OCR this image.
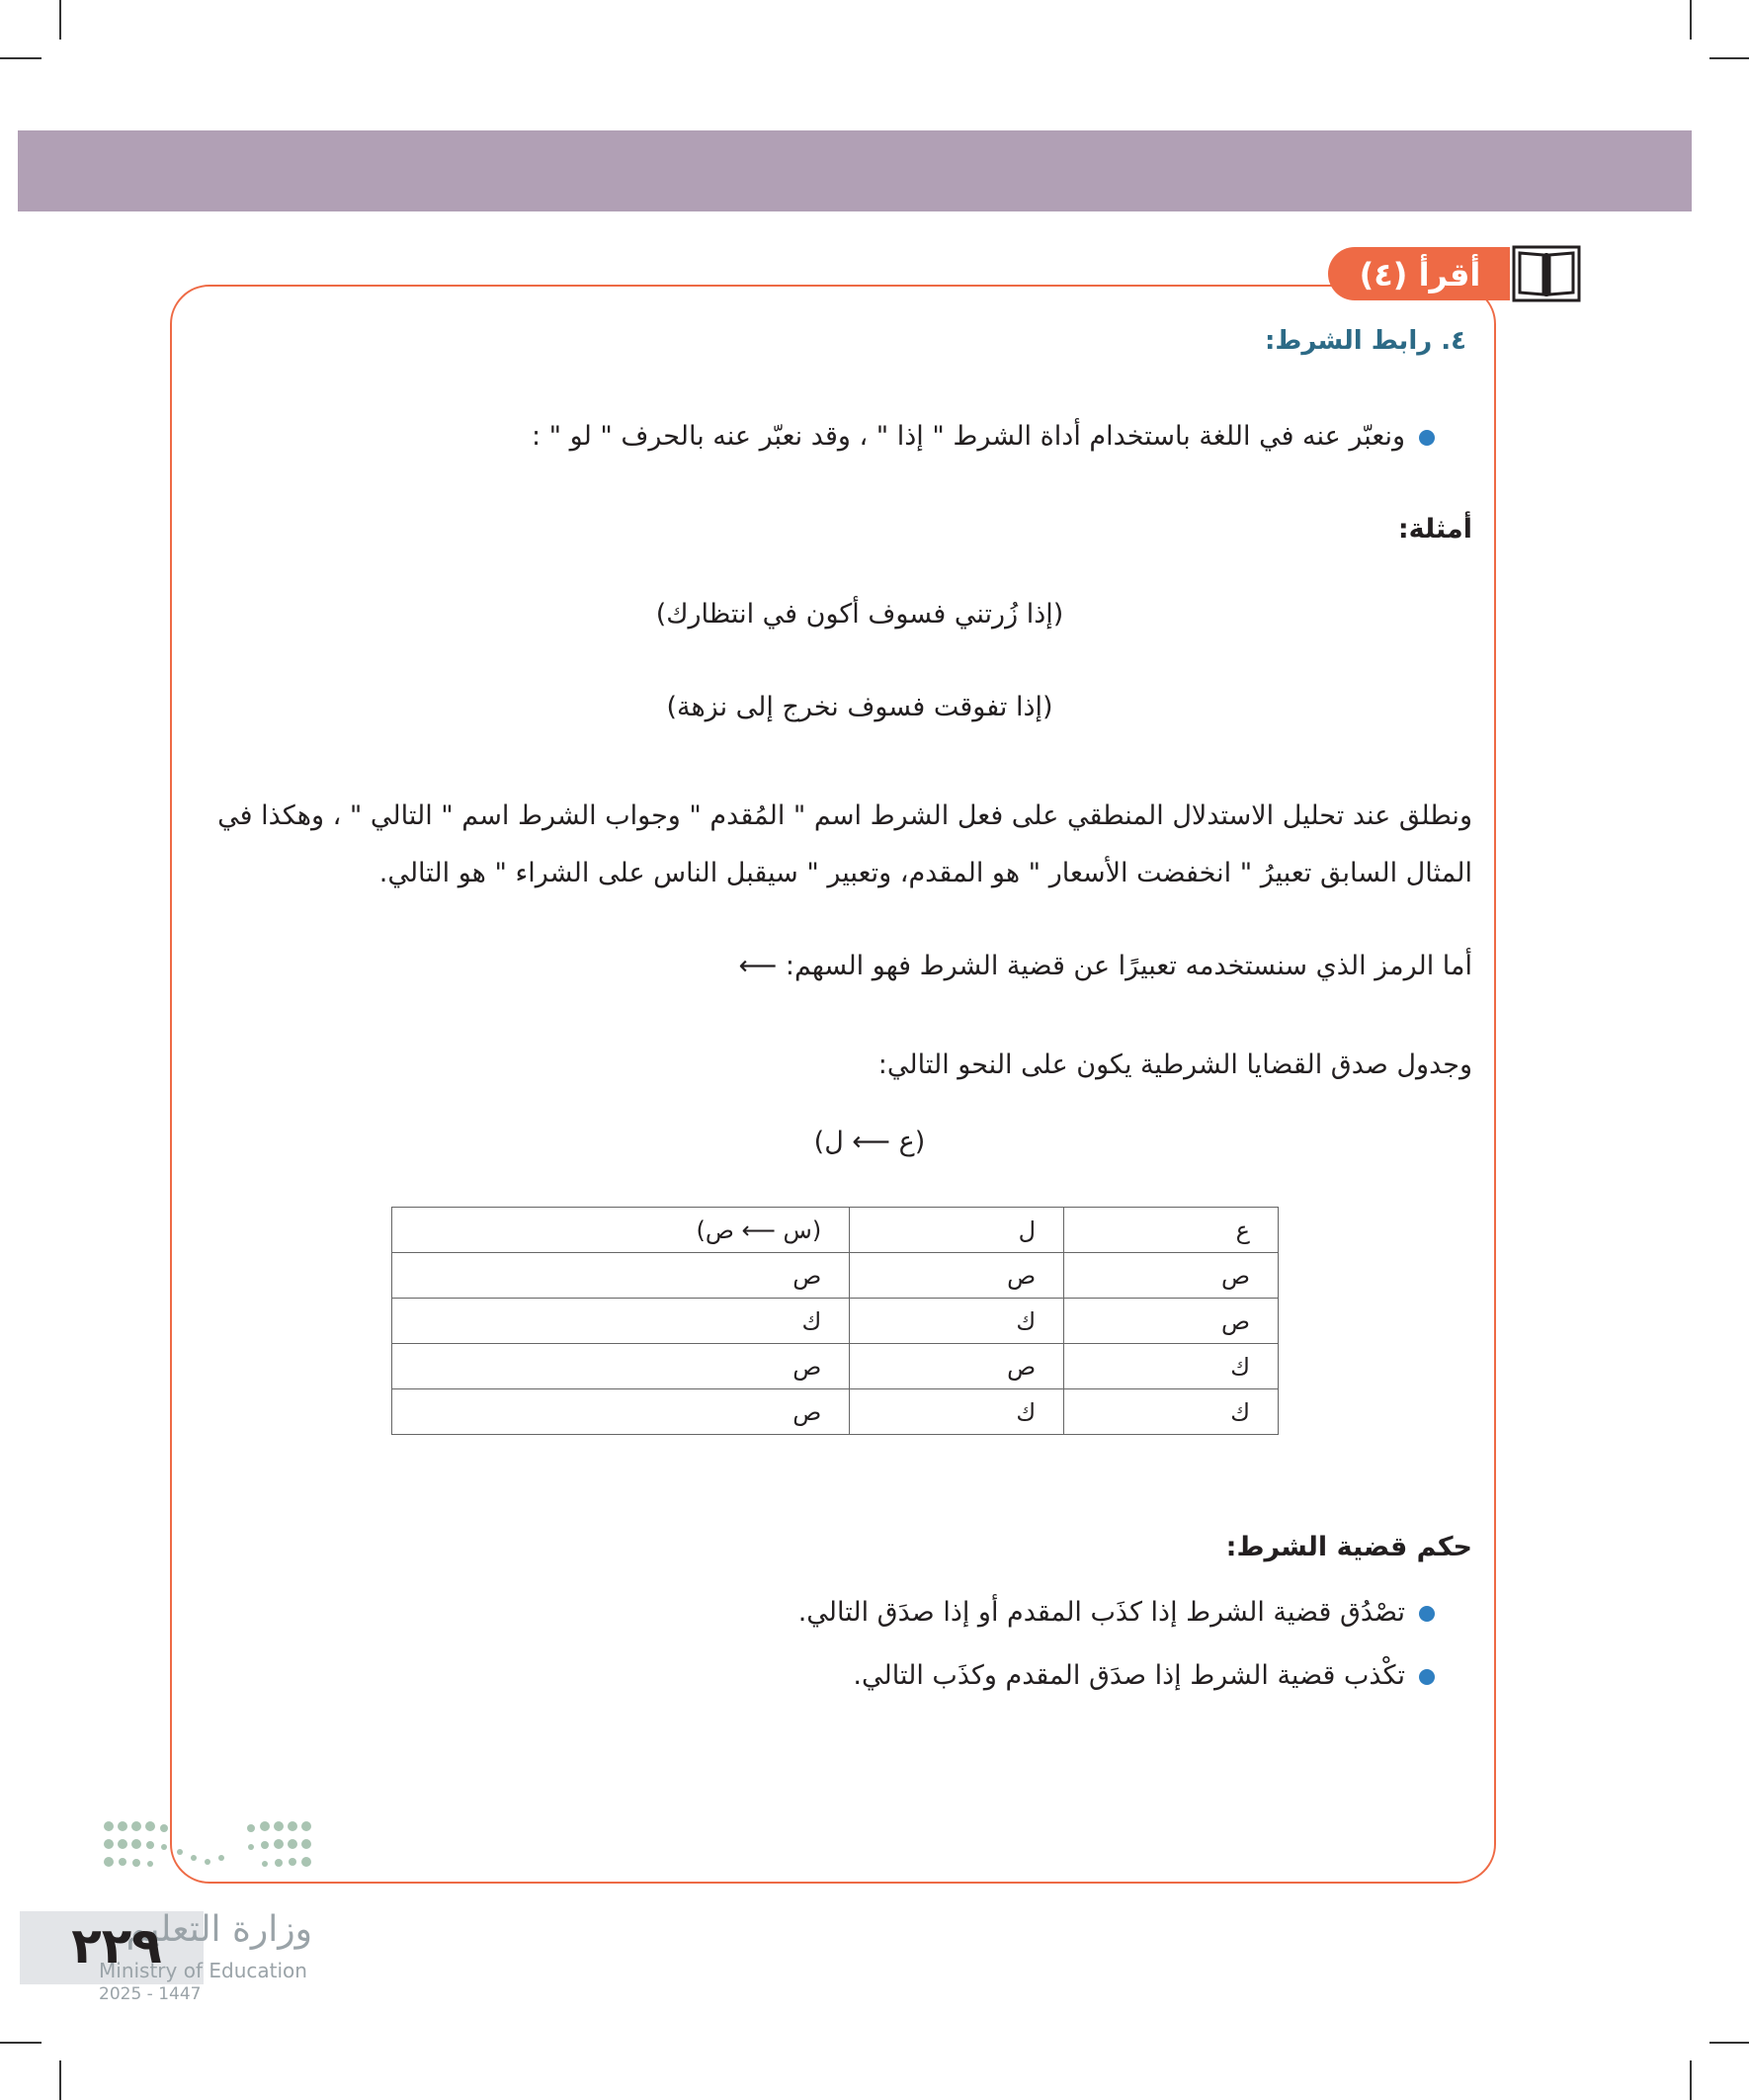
أقرأ (٤)
٤. رابط الشرط:
ونعبّر عنه في اللغة باستخدام أداة الشرط " إذا " ، وقد نعبّر عنه بالحرف " لو " :
أمثلة:
(إذا زُرتني فسوف أكون في انتظارك)
(إذا تفوقت فسوف نخرج إلى نزهة)
ونطلق عند تحليل الاستدلال المنطقي على فعل الشرط اسم " المُقدم " وجواب الشرط اسم " التالي " ، وهكذا في
المثال السابق تعبيرُ " انخفضت الأسعار " هو المقدم، وتعبير " سيقبل الناس على الشراء " هو التالي.
أما الرمز الذي سنستخدمه تعبيرًا عن قضية الشرط فهو السهم: ⟵
وجدول صدق القضايا الشرطية يكون على النحو التالي:
(ع ⟵ ل)
ع	ل	(س ⟵ ص)
ص	ص	ص
ص	ك	ك
ك	ص	ص
ك	ك	ص
حكم قضية الشرط:
تصْدُق قضية الشرط إذا كذَب المقدم أو إذا صدَق التالي.
تكْذب قضية الشرط إذا صدَق المقدم وكذَب التالي.
وزارة التعليم
٢٢٩
Ministry of Education
2025 - 1447
